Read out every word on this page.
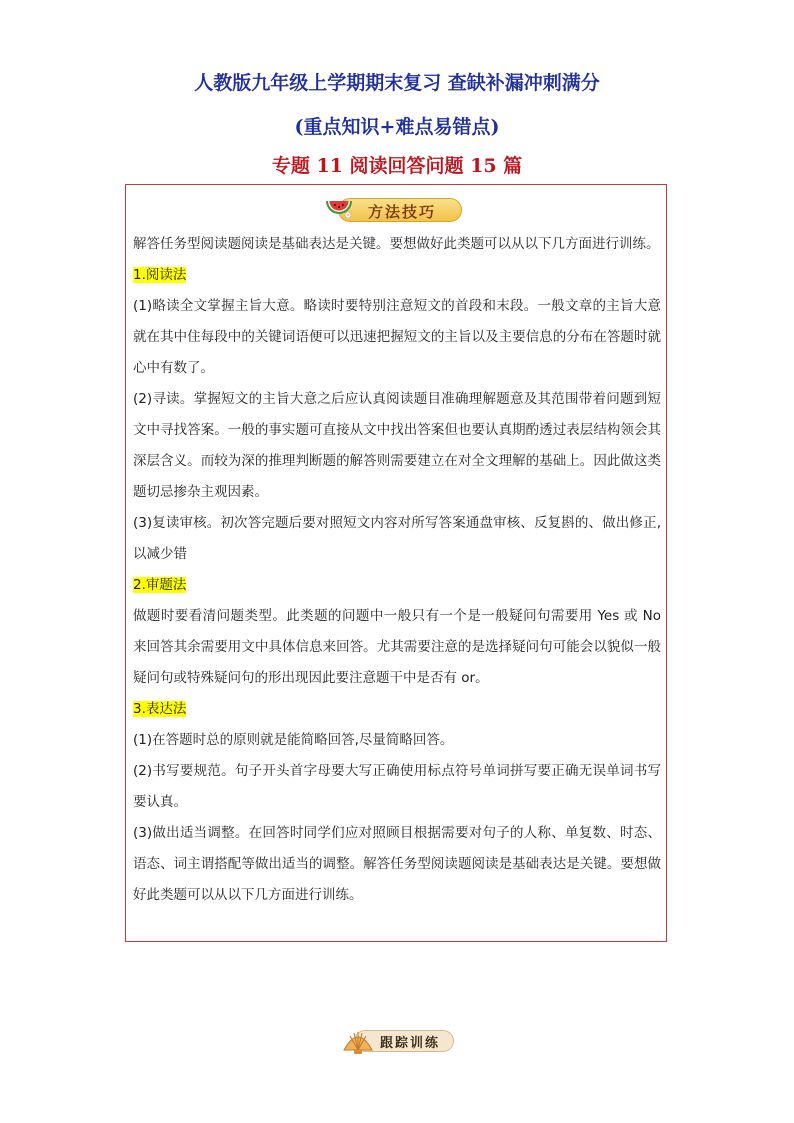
人教版九年级上学期期末复习 查缺补漏冲刺满分
(重点知识+难点易错点)
专题 11 阅读回答问题 15 篇
方法技巧

解答任务型阅读题阅读是基础表达是关键。要想做好此类题可以从以下几方面进行训练。

1.阅读法

(1)略读全文掌握主旨大意。略读时要特别注意短文的首段和末段。一般文章的主旨大意就在其中住每段中的关键词语便可以迅速把握短文的主旨以及主要信息的分布在答题时就心中有数了。

(2)寻读。掌握短文的主旨大意之后应认真阅读题目准确理解题意及其范围带着问题到短文中寻找答案。一般的事实题可直接从文中找出答案但也要认真期酌透过表层结构领会其深层含义。而较为深的推理判断题的解答则需要建立在对全文理解的基础上。因此做这类题切忌掺杂主观因素。

(3)复读审核。初次答完题后要对照短文内容对所写答案通盘审核、反复斟的、做出修正,以减少错

2.审题法

做题时要看清问题类型。此类题的问题中一般只有一个是一般疑问句需要用 Yes 或 No 来回答其余需要用文中具体信息来回答。尤其需要注意的是选择疑问句可能会以貌似一般疑问句或特殊疑问句的形出现因此要注意题干中是否有 or。

3.表达法

(1)在答题时总的原则就是能简略回答,尽量简略回答。

(2)书写要规范。句子开头首字母要大写正确使用标点符号单词拼写要正确无误单词书写要认真。

(3)做出适当调整。在回答时同学们应对照顾目根据需要对句子的人称、单复数、时态、语态、词主谓搭配等做出适当的调整。解答任务型阅读题阅读是基础表达是关键。要想做好此类题可以从以下几方面进行训练。

跟踪训练
